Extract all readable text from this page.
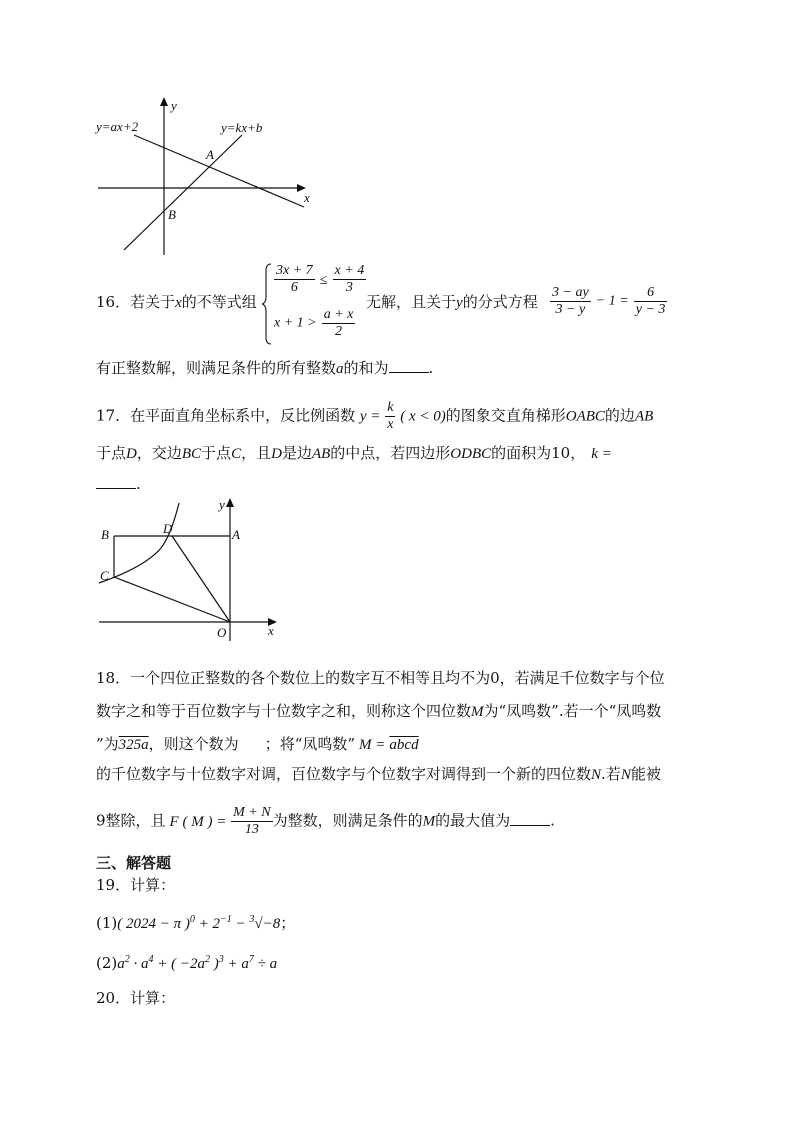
y
x
y=ax+2	y=kx+b
A
B
16．若关于x的不等式组
$\frac{3x + 7}{6} \le \frac{x + 4}{3}$
$x + 1 > \frac{a + x}{2}$
无解，且关于y的分式方程 $\frac{3 - ay}{3 - y} - 1 = \frac{6}{y - 3}$
有正整数解，则满足条件的所有整数a的和为	.
17．在平面直角坐标系中，反比例函数 $y = \frac{k}{x}$ ( x < 0)的图象交直角梯形OABC的边AB
于点D，交边BC于点C，且D是边AB的中点，若四边形ODBC的面积为10， k =
.
y
x
B	D	A
C
O
18．一个四位正整数的各个数位上的数字互不相等且均不为0，若满足千位数字与个位
数字之和等于百位数字与十位数字之和，则称这个四位数M为“凤鸣数”.若一个“凤鸣数
”为325a，则这个数为 ；将“凤鸣数” M = abcd
的千位数字与十位数字对调，百位数字与个位数字对调得到一个新的四位数N.若N能被
9整除，且 F ( M ) = $\frac{M + N}{13}$ 为整数，则满足条件的M的最大值为	.
三、解答题
19．计算：
(1)( 2024 − π )$^0 + 2^{-1} - ^3√-8$；
$(2)a^2 \cdot a^4$ + ( $-2a^2$ )$^3 + a^7 \div a$
20．计算：
